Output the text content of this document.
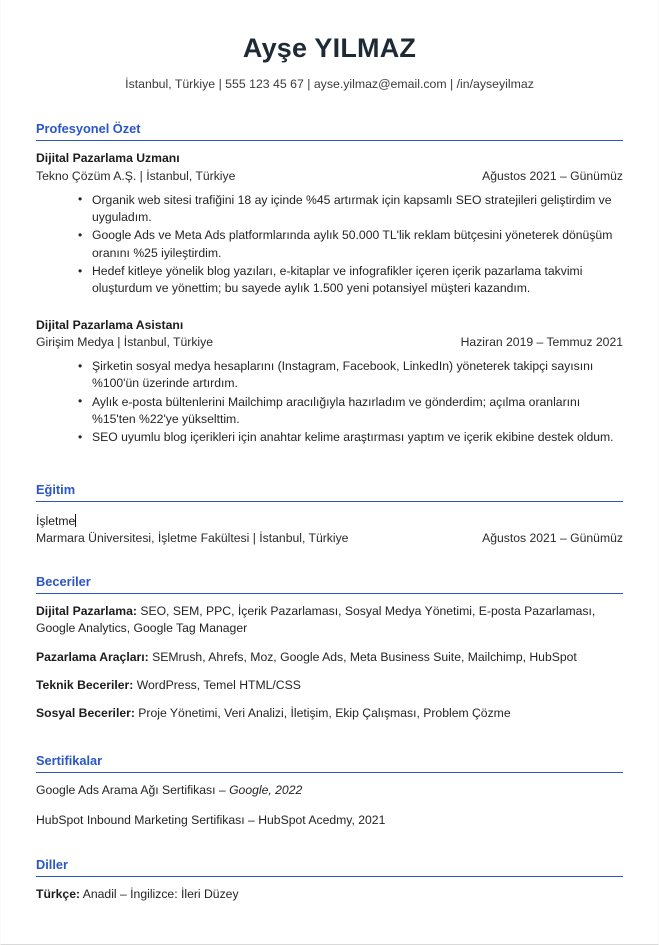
Ayşe YILMAZ
İstanbul, Türkiye | 555 123 45 67 | ayse.yilmaz@email.com | /in/ayseyilmaz
Profesyonel Özet
Dijital Pazarlama Uzmanı
Tekno Çözüm A.Ş. | İstanbul, Türkiye	Ağustos 2021 – Günümüz
• Organik web sitesi trafiğini 18 ay içinde %45 artırmak için kapsamlı SEO stratejileri geliştirdim ve uyguladım.
• Google Ads ve Meta Ads platformlarında aylık 50.000 TL'lik reklam bütçesini yöneterek dönüşüm oranını %25 iyileştirdim.
• Hedef kitleye yönelik blog yazıları, e-kitaplar ve infografikler içeren içerik pazarlama takvimi oluşturdum ve yönettim; bu sayede aylık 1.500 yeni potansiyel müşteri kazandım.
Dijital Pazarlama Asistanı
Girişim Medya | İstanbul, Türkiye	Haziran 2019 – Temmuz 2021
• Şirketin sosyal medya hesaplarını (Instagram, Facebook, LinkedIn) yöneterek takipçi sayısını %100'ün üzerinde artırdım.
• Aylık e-posta bültenlerini Mailchimp aracılığıyla hazırladım ve gönderdim; açılma oranlarını %15'ten %22'ye yükselttim.
• SEO uyumlu blog içerikleri için anahtar kelime araştırması yaptım ve içerik ekibine destek oldum.
Eğitim
İşletme
Marmara Üniversitesi, İşletme Fakültesi | İstanbul, Türkiye	Ağustos 2021 – Günümüz
Beceriler
Dijital Pazarlama: SEO, SEM, PPC, İçerik Pazarlaması, Sosyal Medya Yönetimi, E-posta Pazarlaması, Google Analytics, Google Tag Manager
Pazarlama Araçları: SEMrush, Ahrefs, Moz, Google Ads, Meta Business Suite, Mailchimp, HubSpot
Teknik Beceriler: WordPress, Temel HTML/CSS
Sosyal Beceriler: Proje Yönetimi, Veri Analizi, İletişim, Ekip Çalışması, Problem Çözme
Sertifikalar
Google Ads Arama Ağı Sertifikası – Google, 2022
HubSpot Inbound Marketing Sertifikası – HubSpot Acedmy, 2021
Diller
Türkçe: Anadil – İngilizce: İleri Düzey
